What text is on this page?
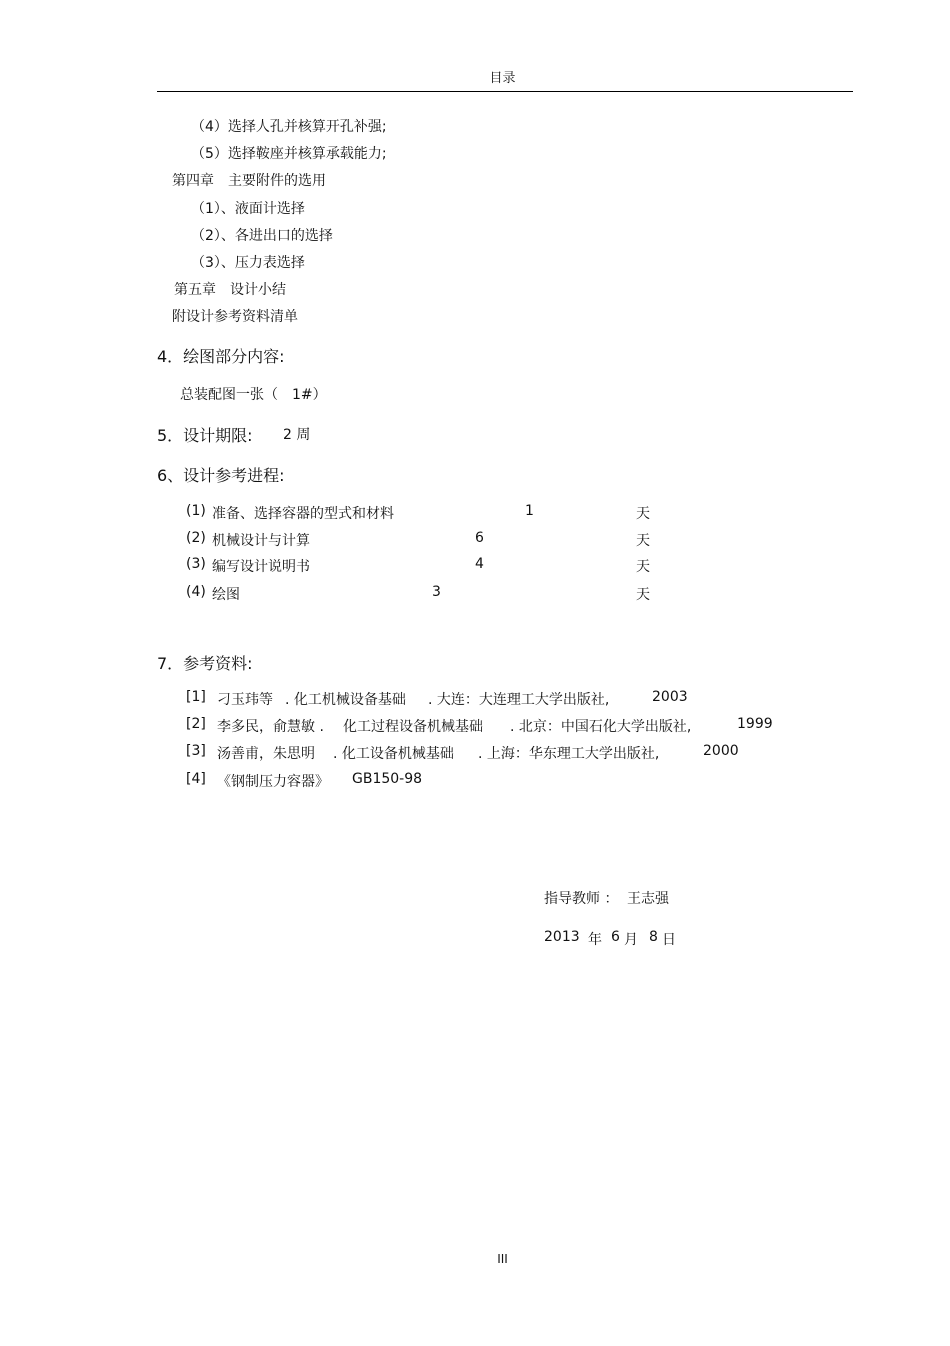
目录
（4）选择人孔并核算开孔补强;
（5）选择鞍座并核算承载能力;
第四章　主要附件的选用
（1）、液面计选择
（2）、各进出口的选择
（3）、压力表选择
第五章　设计小结
附设计参考资料清单
4．绘图部分内容:
总装配图一张（　1#）
5．设计期限: 2 周
6、设计参考进程:
(1) 准备、选择容器的型式和材料	1	天
(2) 机械设计与计算	6	天
(3) 编写设计说明书	4	天
(4) 绘图	3	天
7．参考资料:
[1] 刁玉玮等 . 化工机械设备基础 . 大连：大连理工大学出版社,	2003
[2] 李多民，俞慧敏 . 化工过程设备机械基础 . 北京：中国石化大学出版社,	1999
[3] 汤善甫，朱思明 . 化工设备机械基础 . 上海：华东理工大学出版社,	2000
[4] 《钢制压力容器》 GB150-98
指导教师 ： 王志强
2013 年 6 月 8 日
III
